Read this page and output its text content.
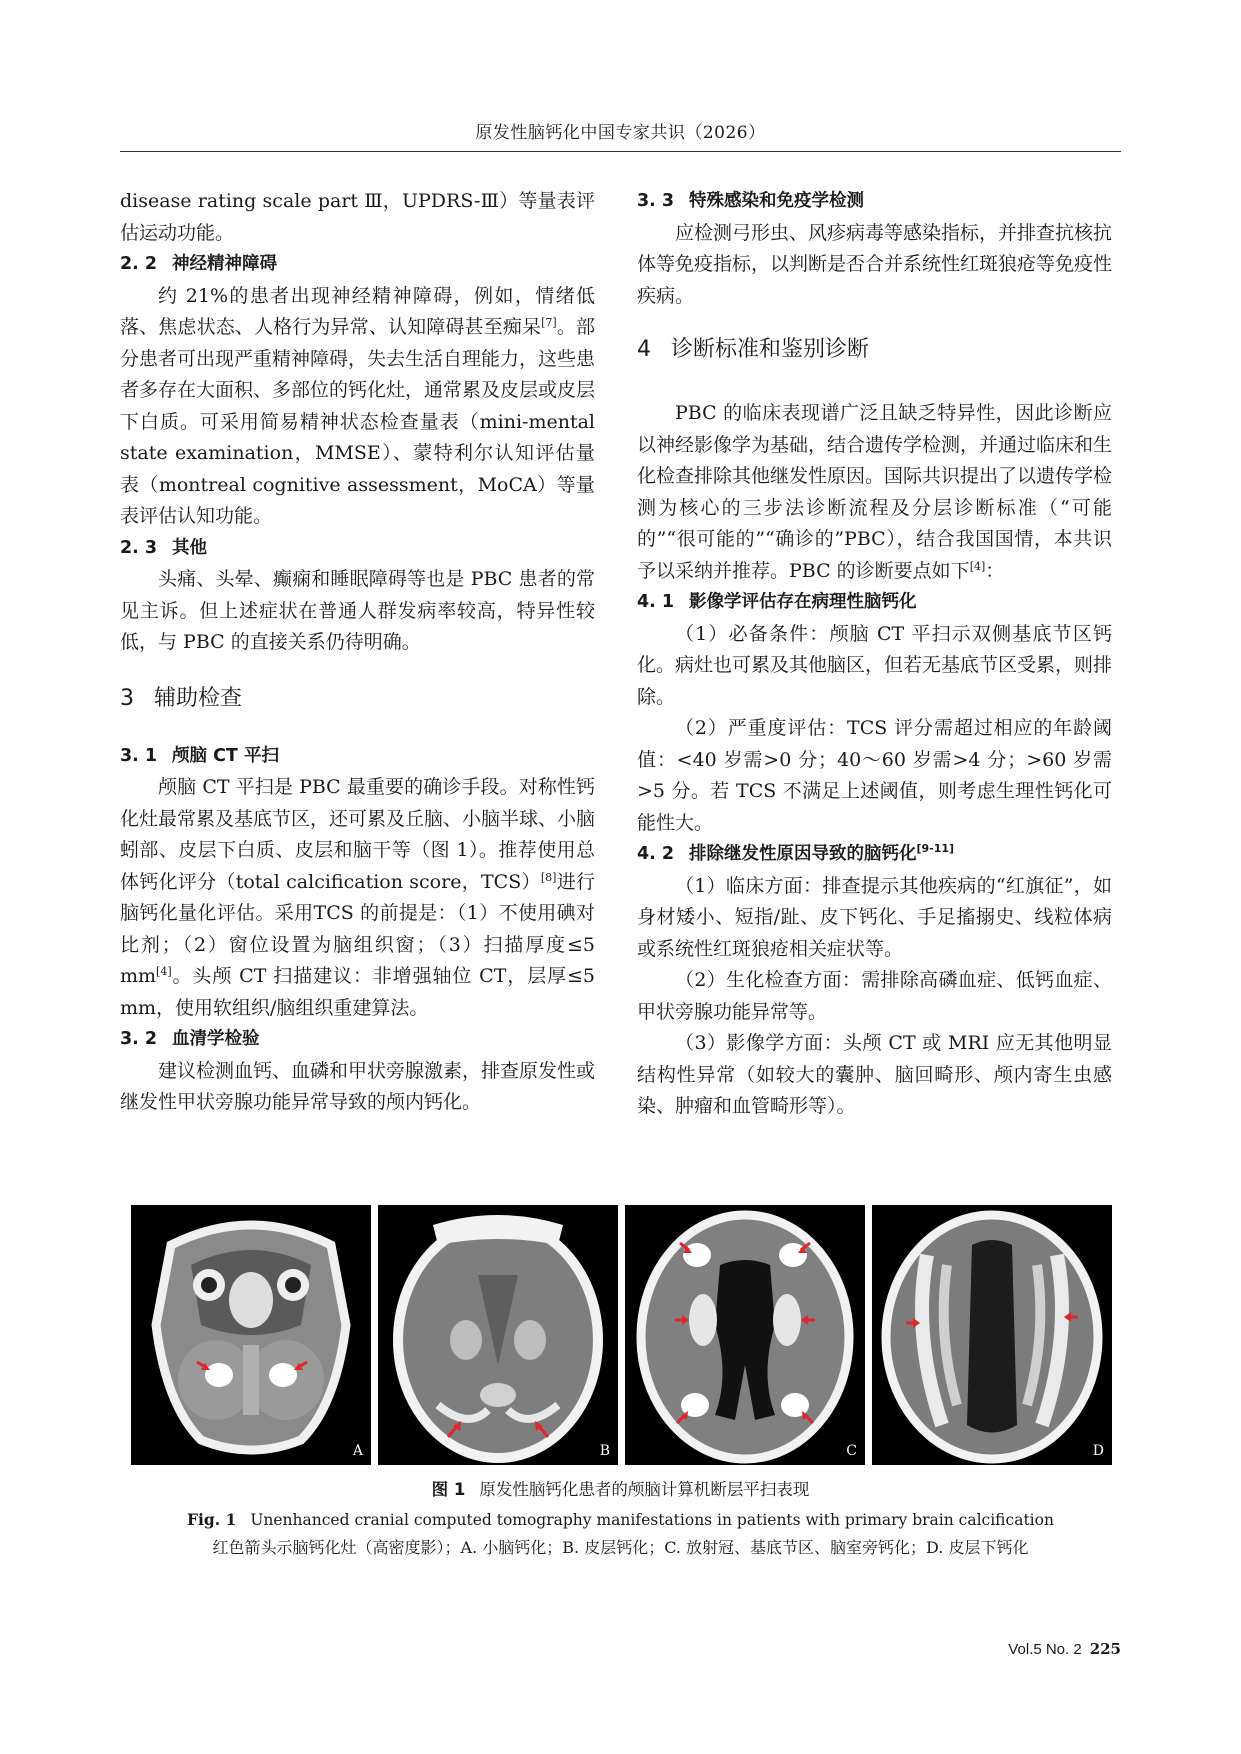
原发性脑钙化中国专家共识（2026）

disease rating scale part Ⅲ，UPDRS-Ⅲ）等量表评估运动功能。

2. 2 神经精神障碍

约 21%的患者出现神经精神障碍，例如，情绪低落、焦虑状态、人格行为异常、认知障碍甚至痴呆[7]。部分患者可出现严重精神障碍，失去生活自理能力，这些患者多存在大面积、多部位的钙化灶，通常累及皮层或皮层下白质。可采用简易精神状态检查量表（mini-mental state examination，MMSE）、蒙特利尔认知评估量表（montreal cognitive assessment，MoCA）等量表评估认知功能。

2. 3 其他

头痛、头晕、癫痫和睡眠障碍等也是 PBC 患者的常见主诉。但上述症状在普通人群发病率较高，特异性较低，与 PBC 的直接关系仍待明确。

3 辅助检查
3. 1 颅脑 CT 平扫

颅脑 CT 平扫是 PBC 最重要的确诊手段。对称性钙化灶最常累及基底节区，还可累及丘脑、小脑半球、小脑蚓部、皮层下白质、皮层和脑干等（图 1）。推荐使用总体钙化评分（total calcification score，TCS）[8]进行脑钙化量化评估。采用TCS 的前提是：（1）不使用碘对比剂；（2）窗位设置为脑组织窗；（3）扫描厚度≤5 mm[4]。头颅 CT 扫描建议：非增强轴位 CT，层厚≤5 mm，使用软组织/脑组织重建算法。

3. 2 血清学检验

建议检测血钙、血磷和甲状旁腺激素，排查原发性或继发性甲状旁腺功能异常导致的颅内钙化。

3. 3 特殊感染和免疫学检测

应检测弓形虫、风疹病毒等感染指标，并排查抗核抗体等免疫指标，以判断是否合并系统性红斑狼疮等免疫性疾病。

4 诊断标准和鉴别诊断

PBC 的临床表现谱广泛且缺乏特异性，因此诊断应以神经影像学为基础，结合遗传学检测，并通过临床和生化检查排除其他继发性原因。国际共识提出了以遗传学检测为核心的三步法诊断流程及分层诊断标准（“可能的”“很可能的”“确诊的”PBC），结合我国国情，本共识予以采纳并推荐。PBC 的诊断要点如下[4]：

4. 1 影像学评估存在病理性脑钙化

（1）必备条件：颅脑 CT 平扫示双侧基底节区钙化。病灶也可累及其他脑区，但若无基底节区受累，则排除。

（2）严重度评估：TCS 评分需超过相应的年龄阈值：<40 岁需>0 分；40～60 岁需>4 分；>60 岁需>5 分。若 TCS 不满足上述阈值，则考虑生理性钙化可能性大。

4. 2 排除继发性原因导致的脑钙化[9-11]

（1）临床方面：排查提示其他疾病的“红旗征”，如身材矮小、短指/趾、皮下钙化、手足搐搦史、线粒体病或系统性红斑狼疮相关症状等。

（2）生化检查方面：需排除高磷血症、低钙血症、甲状旁腺功能异常等。

（3）影像学方面：头颅 CT 或 MRI 应无其他明显结构性异常（如较大的囊肿、脑回畸形、颅内寄生虫感染、肿瘤和血管畸形等）。

A	B	C	D
图 1 原发性脑钙化患者的颅脑计算机断层平扫表现
Fig. 1 Unenhanced cranial computed tomography manifestations in patients with primary brain calcification
红色箭头示脑钙化灶（高密度影）；A. 小脑钙化；B. 皮层钙化；C. 放射冠、基底节区、脑室旁钙化；D. 皮层下钙化
Vol.5 No. 2 225
